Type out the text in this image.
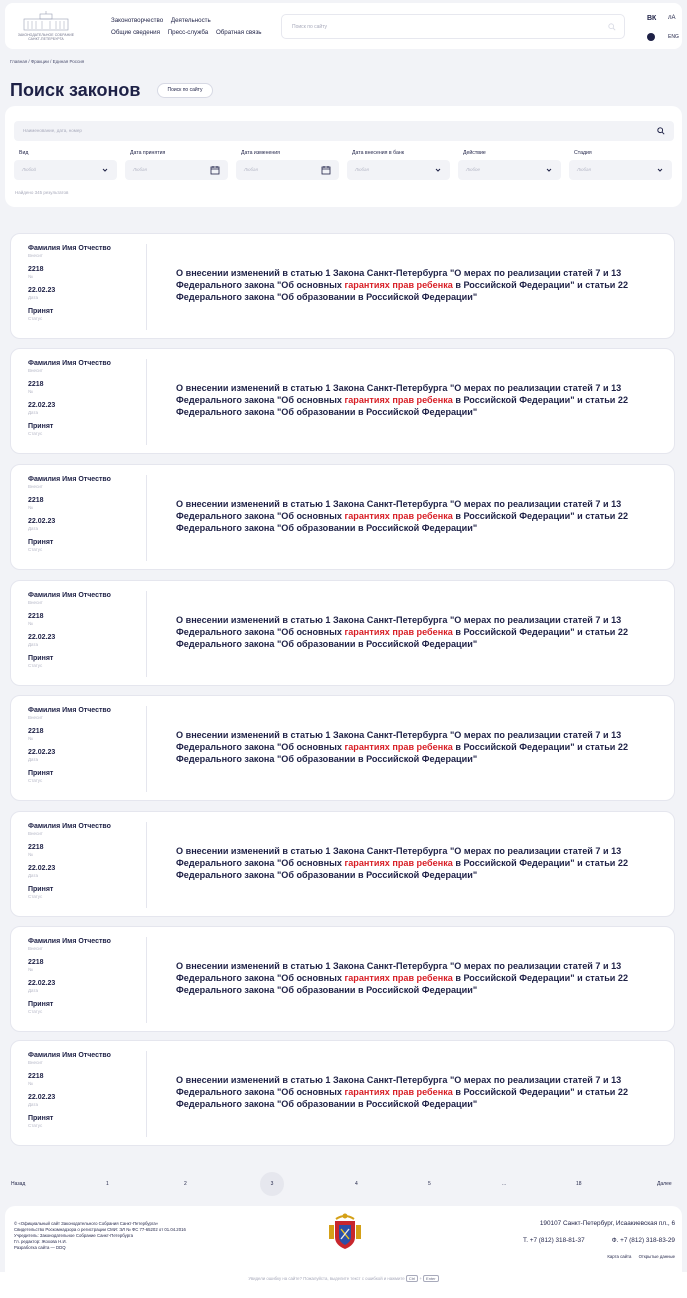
ЗАКОНОДАТЕЛЬНОЕ СОБРАНИЕ
САНКТ-ПЕТЕРБУРГА
Законотворчество Деятельность
Общие сведения Пресс-служба Обратная связь
Поиск по сайту
ВК лА
ENG
Главная / Фракции / Единая Россия
Поиск законов	Поиск по сайту
Наименование, дата, номер
Вид
Любой
Дата принятия
Любая
Дата изменения
Любая
Дата внесения в банк
Любая
Действие
Любое
Стадия
Любая
Найдено 345 результатов
Фамилия Имя Отчество
Внесит
2218
№
22.02.23
Дата
Принят
Статус
О внесении изменений в статью 1 Закона Санкт-Петербурга "О мерах по реализации статей 7 и 13 Федерального закона "Об основных гарантиях прав ребенка в Российской Федерации" и статьи 22 Федерального закона "Об образовании в Российской Федерации"
Фамилия Имя Отчество
Внесит
2218
№
22.02.23
Дата
Принят
Статус
О внесении изменений в статью 1 Закона Санкт-Петербурга "О мерах по реализации статей 7 и 13 Федерального закона "Об основных гарантиях прав ребенка в Российской Федерации" и статьи 22 Федерального закона "Об образовании в Российской Федерации"
Фамилия Имя Отчество
Внесит
2218
№
22.02.23
Дата
Принят
Статус
О внесении изменений в статью 1 Закона Санкт-Петербурга "О мерах по реализации статей 7 и 13 Федерального закона "Об основных гарантиях прав ребенка в Российской Федерации" и статьи 22 Федерального закона "Об образовании в Российской Федерации"
Фамилия Имя Отчество
Внесит
2218
№
22.02.23
Дата
Принят
Статус
О внесении изменений в статью 1 Закона Санкт-Петербурга "О мерах по реализации статей 7 и 13 Федерального закона "Об основных гарантиях прав ребенка в Российской Федерации" и статьи 22 Федерального закона "Об образовании в Российской Федерации"
Фамилия Имя Отчество
Внесит
2218
№
22.02.23
Дата
Принят
Статус
О внесении изменений в статью 1 Закона Санкт-Петербурга "О мерах по реализации статей 7 и 13 Федерального закона "Об основных гарантиях прав ребенка в Российской Федерации" и статьи 22 Федерального закона "Об образовании в Российской Федерации"
Фамилия Имя Отчество
Внесит
2218
№
22.02.23
Дата
Принят
Статус
О внесении изменений в статью 1 Закона Санкт-Петербурга "О мерах по реализации статей 7 и 13 Федерального закона "Об основных гарантиях прав ребенка в Российской Федерации" и статьи 22 Федерального закона "Об образовании в Российской Федерации"
Фамилия Имя Отчество
Внесит
2218
№
22.02.23
Дата
Принят
Статус
О внесении изменений в статью 1 Закона Санкт-Петербурга "О мерах по реализации статей 7 и 13 Федерального закона "Об основных гарантиях прав ребенка в Российской Федерации" и статьи 22 Федерального закона "Об образовании в Российской Федерации"
Фамилия Имя Отчество
Внесит
2218
№
22.02.23
Дата
Принят
Статус
О внесении изменений в статью 1 Закона Санкт-Петербурга "О мерах по реализации статей 7 и 13 Федерального закона "Об основных гарантиях прав ребенка в Российской Федерации" и статьи 22 Федерального закона "Об образовании в Российской Федерации"
Назад	1	2	3	4	5	...	18	Далее
© «Официальный сайт Законодательного Собрания Санкт-Петербурга»
Свидетельство Роскомнадзора о регистрации СМИ: ЭЛ № ФС 77-65202 от 01.04.2016
Учредитель: Законодательное Собрание Санкт-Петербурга
Гл. редактор: Жохова Н.И.
Разработка сайта — DDQ
190107 Санкт-Петербург, Исаакиевская пл., 6
Т. +7 (812) 318-81-37	Ф. +7 (812) 318-83-29
Карта сайта Открытые данные
Увидели ошибку на сайте? Пожалуйста, выделите текст с ошибкой и нажмите Ctrl + Enter
